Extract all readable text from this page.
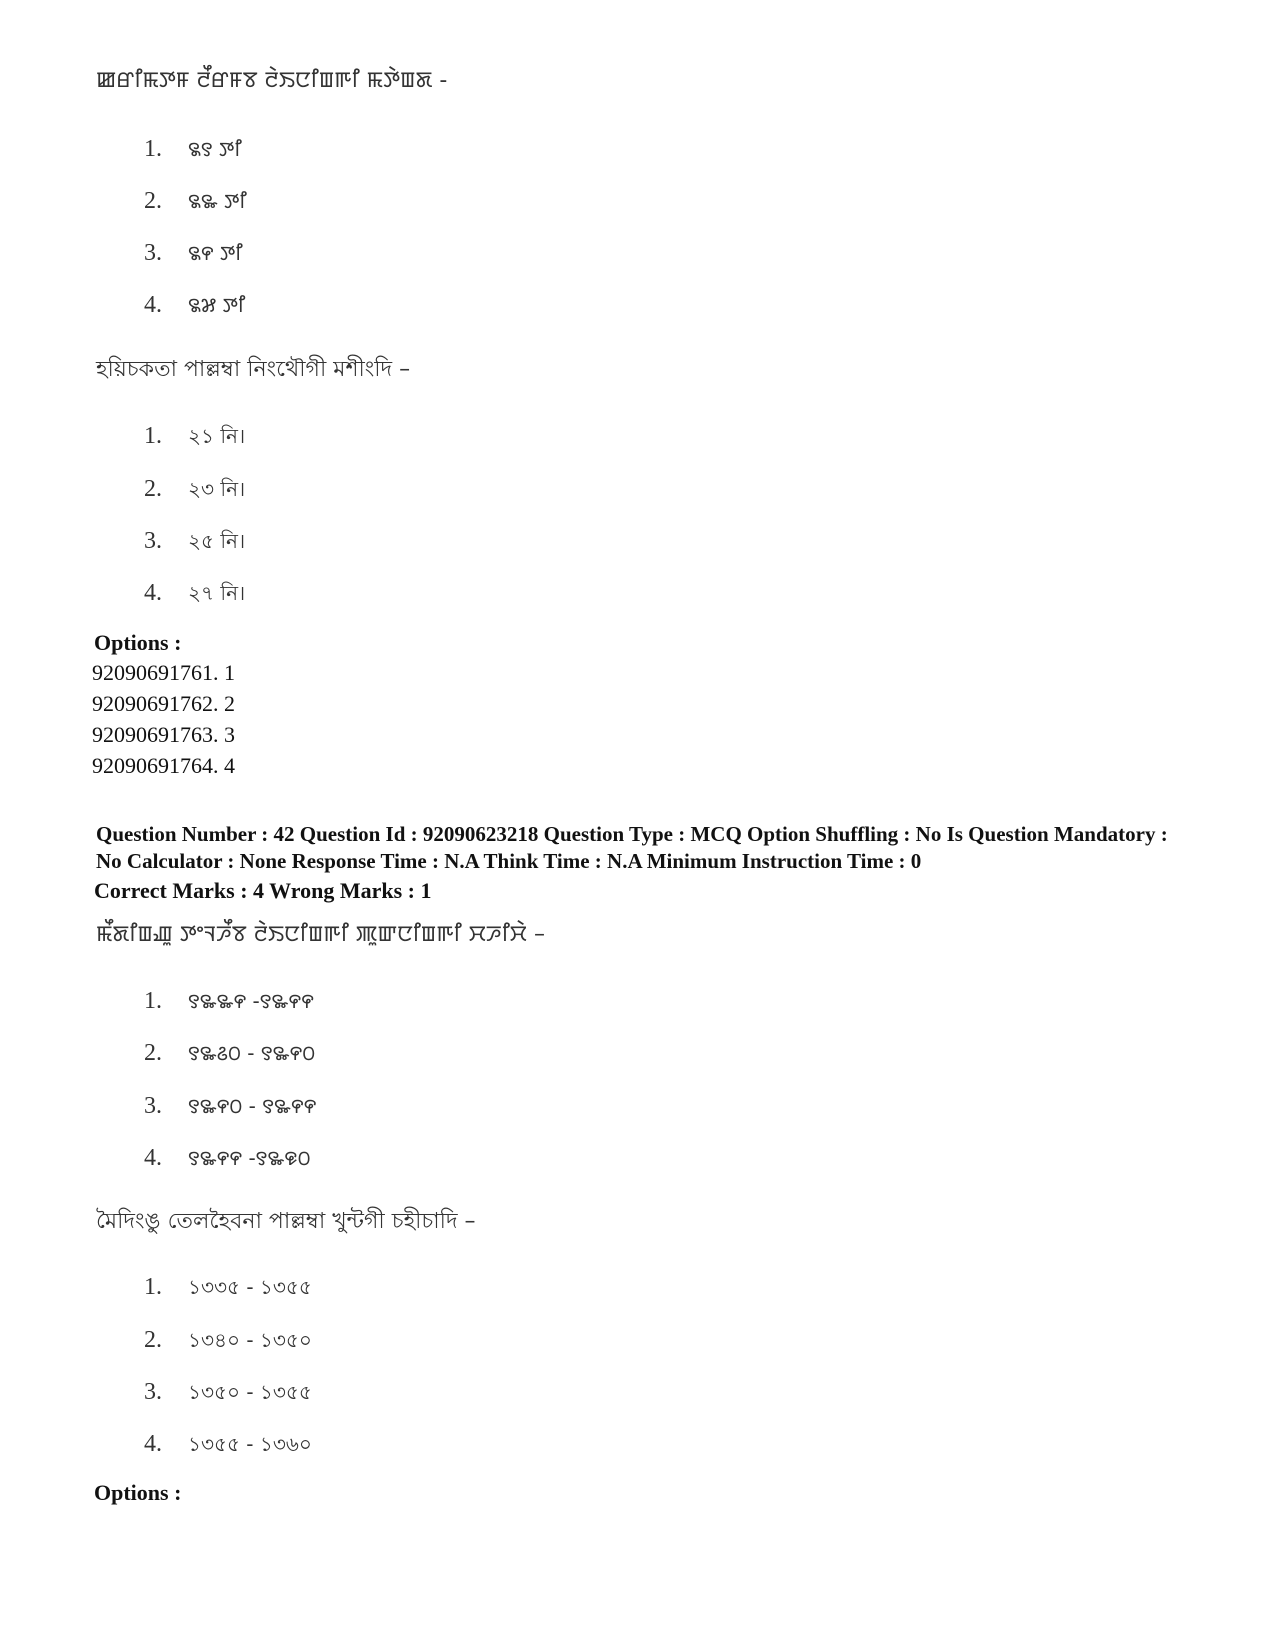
ꯀꯔꯤꯃꯇꯝ ꯂꯩꯔꯝꯕ ꯂꯥꯏꯅꯤꯡꯒꯤ ꯃꯇꯥꯡꯗ -
1. ꯲꯱ ꯇꯤ
2. ꯲꯳ ꯇꯤ
3. ꯲꯵ ꯇꯤ
4. ꯲꯷ ꯇꯤ
হয়িচকতা পাল্লম্বা নিংথৌগী মশীংদি –
1. ২১ নি।
2. ২৩ নি।
3. ২৫ নি।
4. ২৭ নি।
Options :
92090691761. 1
92090691762. 2
92090691763. 3
92090691764. 4
Question Number : 42 Question Id : 92090623218 Question Type : MCQ Option Shuffling : No Is Question Mandatory : No Calculator : None Response Time : N.A Think Time : N.A Minimum Instruction Time : 0
Correct Marks : 4 Wrong Marks : 1
ꯃꯩꯗꯤꯡꯉꯨ ꯇꯦꯜꯍꯩꯕ ꯂꯥꯏꯅꯤꯡꯒꯤ ꯄꯨꯛꯅꯤꯡꯒꯤ ꯆꯍꯤꯆꯥ –
1. ꯱꯳꯳꯵ -꯱꯳꯵꯵
2. ꯱꯳꯴꯰ - ꯱꯳꯵꯰
3. ꯱꯳꯵꯰ - ꯱꯳꯵꯵
4. ꯱꯳꯵꯵ -꯱꯳꯶꯰
মৈদিংঙু তেলহৈবনা পাল্লম্বা খুন্টগী চহীচাদি –
1. ১৩৩৫ - ১৩৫৫
2. ১৩৪০ - ১৩৫০
3. ১৩৫০ - ১৩৫৫
4. ১৩৫৫ - ১৩৬০
Options :
